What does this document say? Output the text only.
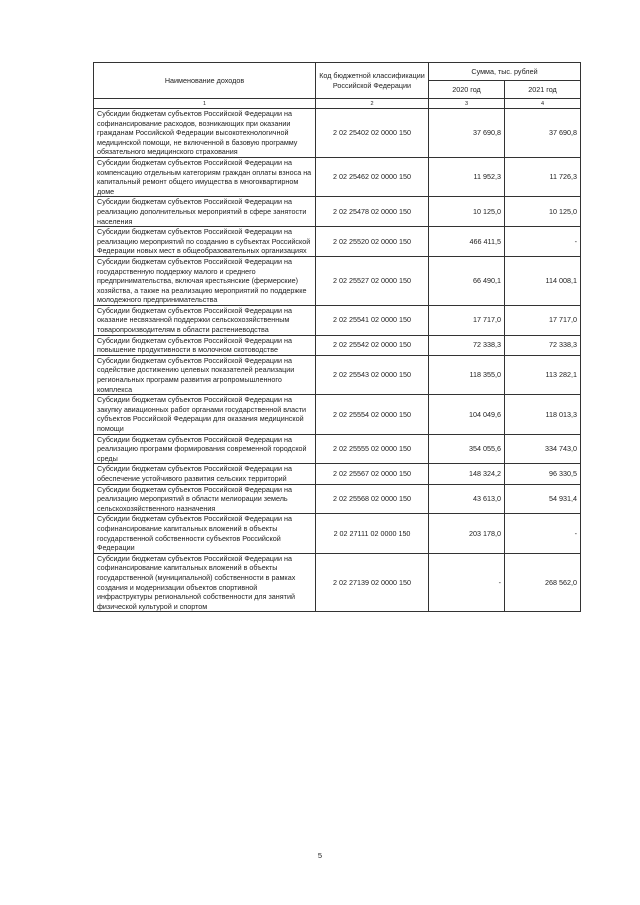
Наименование доходов	Код бюджетной классификации Российской Федерации	Сумма, тыс. рублей	
		2020 год	2021 год
1	2	3	4
Субсидии бюджетам субъектов Российской Федерации на софинансирование расходов, возникающих при оказании гражданам Российской Федерации высокотехнологичной медицинской помощи, не включенной в базовую программу обязательного медицинского страхования	2 02 25402 02 0000 150	37 690,8	37 690,8
Субсидии бюджетам субъектов Российской Федерации на компенсацию отдельным категориям граждан оплаты взноса на капитальный ремонт общего имущества в многоквартирном доме	2 02 25462 02 0000 150	11 952,3	11 726,3
Субсидии бюджетам субъектов Российской Федерации на реализацию дополнительных мероприятий в сфере занятости населения	2 02 25478 02 0000 150	10 125,0	10 125,0
Субсидии бюджетам субъектов Российской Федерации на реализацию мероприятий по созданию в субъектах Российской Федерации новых мест в общеобразовательных организациях	2 02 25520 02 0000 150	466 411,5	-
Субсидии бюджетам субъектов Российской Федерации на государственную поддержку малого и среднего предпринимательства, включая крестьянские (фермерские) хозяйства, а также на реализацию мероприятий по поддержке молодежного предпринимательства	2 02 25527 02 0000 150	66 490,1	114 008,1
Субсидии бюджетам субъектов Российской Федерации на оказание несвязанной поддержки сельскохозяйственным товаропроизводителям в области растениеводства	2 02 25541 02 0000 150	17 717,0	17 717,0
Субсидии бюджетам субъектов Российской Федерации на повышение продуктивности в молочном скотоводстве	2 02 25542 02 0000 150	72 338,3	72 338,3
Субсидии бюджетам субъектов Российской Федерации на содействие достижению целевых показателей реализации региональных программ развития агропромышленного комплекса	2 02 25543 02 0000 150	118 355,0	113 282,1
Субсидии бюджетам субъектов Российской Федерации на закупку авиационных работ органами государственной власти субъектов Российской Федерации для оказания медицинской помощи	2 02 25554 02 0000 150	104 049,6	118 013,3
Субсидии бюджетам субъектов Российской Федерации на реализацию программ формирования современной городской среды	2 02 25555 02 0000 150	354 055,6	334 743,0
Субсидии бюджетам субъектов Российской Федерации на обеспечение устойчивого развития сельских территорий	2 02 25567 02 0000 150	148 324,2	96 330,5
Субсидии бюджетам субъектов Российской Федерации на реализацию мероприятий в области мелиорации земель сельскохозяйственного назначения	2 02 25568 02 0000 150	43 613,0	54 931,4
Субсидии бюджетам субъектов Российской Федерации на софинансирование капитальных вложений в объекты государственной собственности субъектов Российской Федерации	2 02 27111 02 0000 150	203 178,0	-
Субсидии бюджетам субъектов Российской Федерации на софинансирование капитальных вложений в объекты государственной (муниципальной) собственности в рамках создания и модернизации объектов спортивной инфраструктуры региональной собственности для занятий физической культурой и спортом	2 02 27139 02 0000 150	-	268 562,0
5
